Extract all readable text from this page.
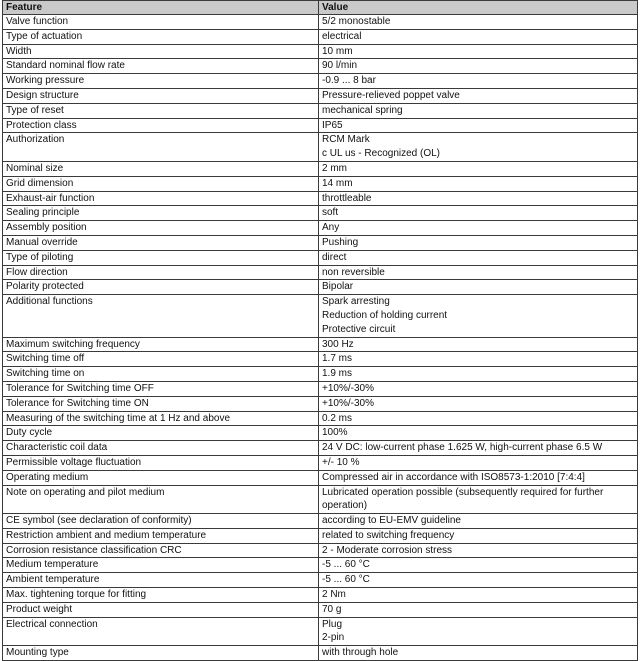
Feature	Value
Valve function	5/2 monostable

Type of actuation	electrical

Width	10 mm

Standard nominal flow rate	90 l/min

Working pressure	-0.9 ... 8 bar

Design structure	Pressure-relieved poppet valve

Type of reset	mechanical spring

Protection class	IP65

Authorization	RCM Mark
c UL us - Recognized (OL)

Nominal size	2 mm

Grid dimension	14 mm

Exhaust-air function	throttleable

Sealing principle	soft

Assembly position	Any

Manual override	Pushing

Type of piloting	direct

Flow direction	non reversible

Polarity protected	Bipolar

Additional functions	Spark arresting
Reduction of holding current
Protective circuit

Maximum switching frequency	300 Hz

Switching time off	1.7 ms

Switching time on	1.9 ms

Tolerance for Switching time OFF	+10%/-30%

Tolerance for Switching time ON	+10%/-30%

Measuring of the switching time at 1 Hz and above	0.2 ms

Duty cycle	100%

Characteristic coil data	24 V DC: low-current phase 1.625 W, high-current phase 6.5 W

Permissible voltage fluctuation	+/- 10 %

Operating medium	Compressed air in accordance with ISO8573-1:2010 [7:4:4]

Note on operating and pilot medium	Lubricated operation possible (subsequently required for further
operation)

CE symbol (see declaration of conformity)	according to EU-EMV guideline

Restriction ambient and medium temperature	related to switching frequency

Corrosion resistance classification CRC	2 - Moderate corrosion stress

Medium temperature	-5 ... 60 °C

Ambient temperature	-5 ... 60 °C

Max. tightening torque for fitting	2 Nm

Product weight	70 g

Electrical connection	Plug
2-pin

Mounting type	with through hole
